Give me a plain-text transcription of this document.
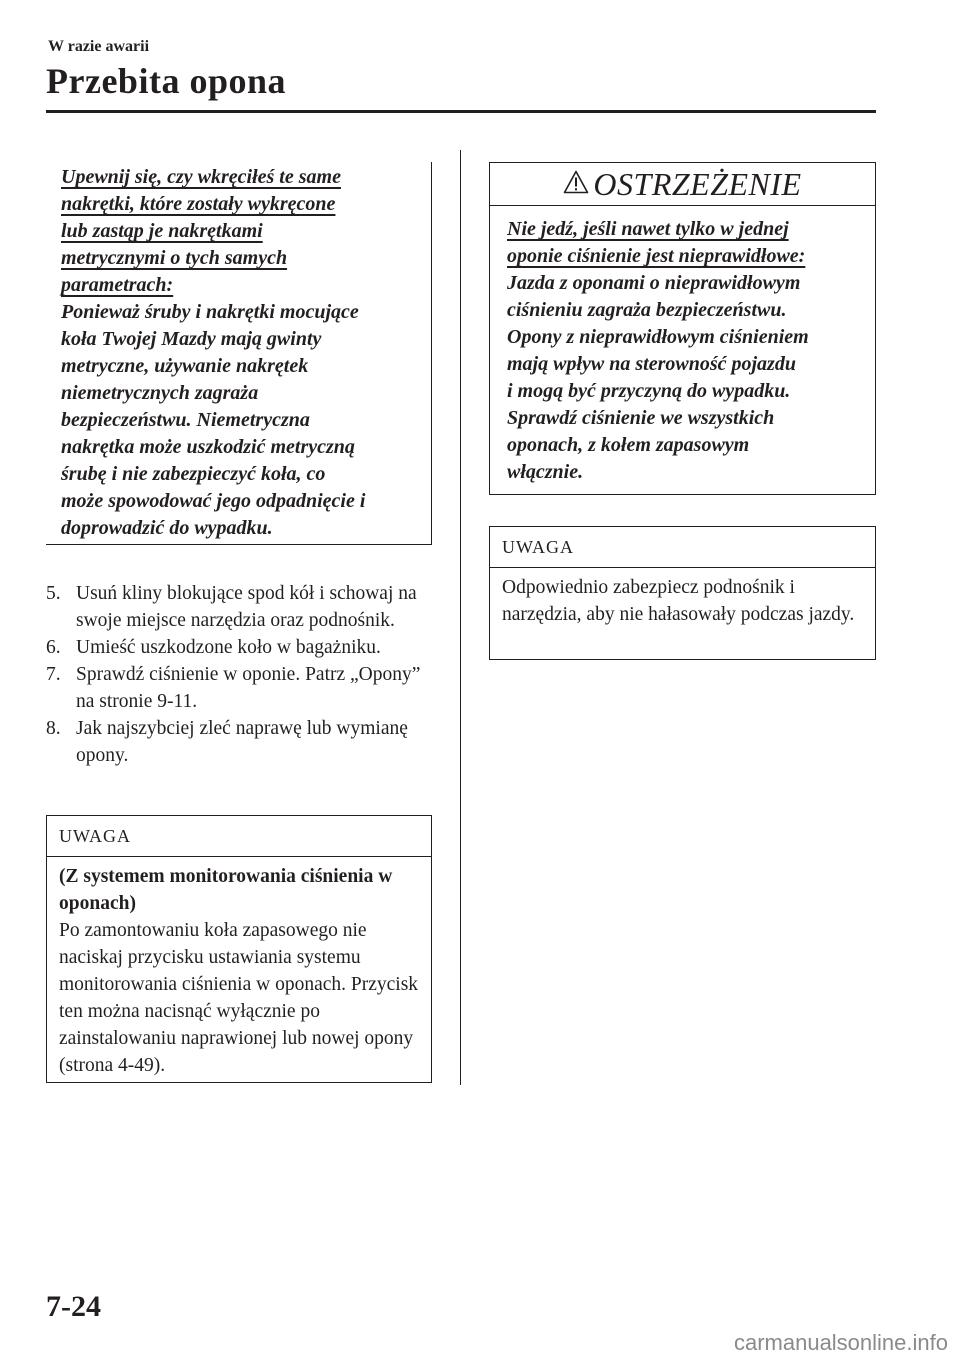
W razie awarii
Przebita opona
Upewnij się, czy wkręciłeś te same
nakrętki, które zostały wykręcone
lub zastąp je nakrętkami
metrycznymi o tych samych
parametrach:
Ponieważ śruby i nakrętki mocujące
koła Twojej Mazdy mają gwinty
metryczne, używanie nakrętek
niemetrycznych zagraża
bezpieczeństwu. Niemetryczna
nakrętka może uszkodzić metryczną
śrubę i nie zabezpieczyć koła, co
może spowodować jego odpadnięcie i
doprowadzić do wypadku.
5. Usuń kliny blokujące spod kół i schowaj na swoje miejsce narzędzia oraz podnośnik.
6. Umieść uszkodzone koło w bagażniku.
7. Sprawdź ciśnienie w oponie. Patrz „Opony” na stronie 9-11.
8. Jak najszybciej zleć naprawę lub wymianę opony.
UWAGA
(Z systemem monitorowania ciśnienia w oponach)
Po zamontowaniu koła zapasowego nie naciskaj przycisku ustawiania systemu monitorowania ciśnienia w oponach. Przycisk ten można nacisnąć wyłącznie po zainstalowaniu naprawionej lub nowej opony (strona 4-49).
OSTRZEŻENIE
Nie jedź, jeśli nawet tylko w jednej
oponie ciśnienie jest nieprawidłowe:
Jazda z oponami o nieprawidłowym
ciśnieniu zagraża bezpieczeństwu.
Opony z nieprawidłowym ciśnieniem
mają wpływ na sterowność pojazdu
i mogą być przyczyną do wypadku.
Sprawdź ciśnienie we wszystkich
oponach, z kołem zapasowym
włącznie.
UWAGA
Odpowiednio zabezpiecz podnośnik i narzędzia, aby nie hałasowały podczas jazdy.
7-24
carmanualsonline.info
